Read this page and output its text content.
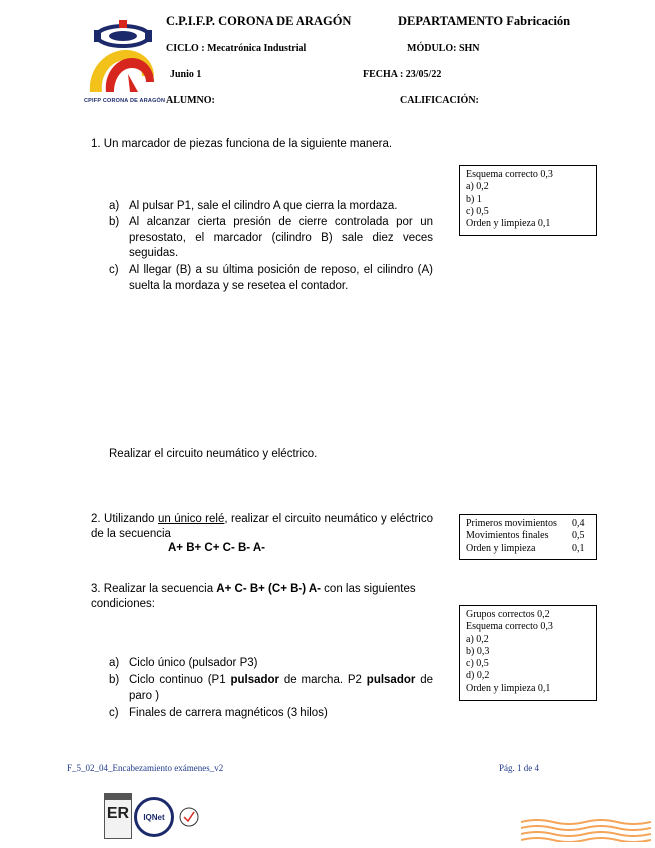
CPIFP CORONA DE ARAGÓN
C.P.I.F.P. CORONA DE ARAGÓN	DEPARTAMENTO Fabricación
CICLO : Mecatrónica Industrial	MÓDULO: SHN
Junio 1	FECHA : 23/05/22
ALUMNO:	CALIFICACIÓN:
1. Un marcador de piezas funciona de la siguiente manera.
Esquema correcto 0,3
a) 0,2
b) 1
c) 0,5
Orden y limpieza 0,1
a) Al pulsar P1, sale el cilindro A que cierra la mordaza.
b) Al alcanzar cierta presión de cierre controlada por un presostato, el marcador (cilindro B) sale diez veces seguidas.
c) Al llegar (B) a su última posición de reposo, el cilindro (A) suelta la mordaza y se resetea el contador.
Realizar el circuito neumático y eléctrico.
2. Utilizando un único relé, realizar el circuito neumático y eléctrico de la secuencia
A+ B+ C+ C- B- A-
Primeros movimientos	0,4
Movimientos finales	0,5
Orden y limpieza	0,1
3. Realizar la secuencia A+ C- B+ (C+ B-) A- con las siguientes condiciones:
Grupos correctos 0,2
Esquema correcto 0,3
a) 0,2
b) 0,3
c) 0,5
d) 0,2
Orden y limpieza 0,1
a) Ciclo único (pulsador P3)
b) Ciclo continuo (P1 pulsador de marcha. P2 pulsador de paro )
c) Finales de carrera magnéticos (3 hilos)
F_5_02_04_Encabezamiento exámenes_v2	Pág. 1 de 4
ER IQNet
